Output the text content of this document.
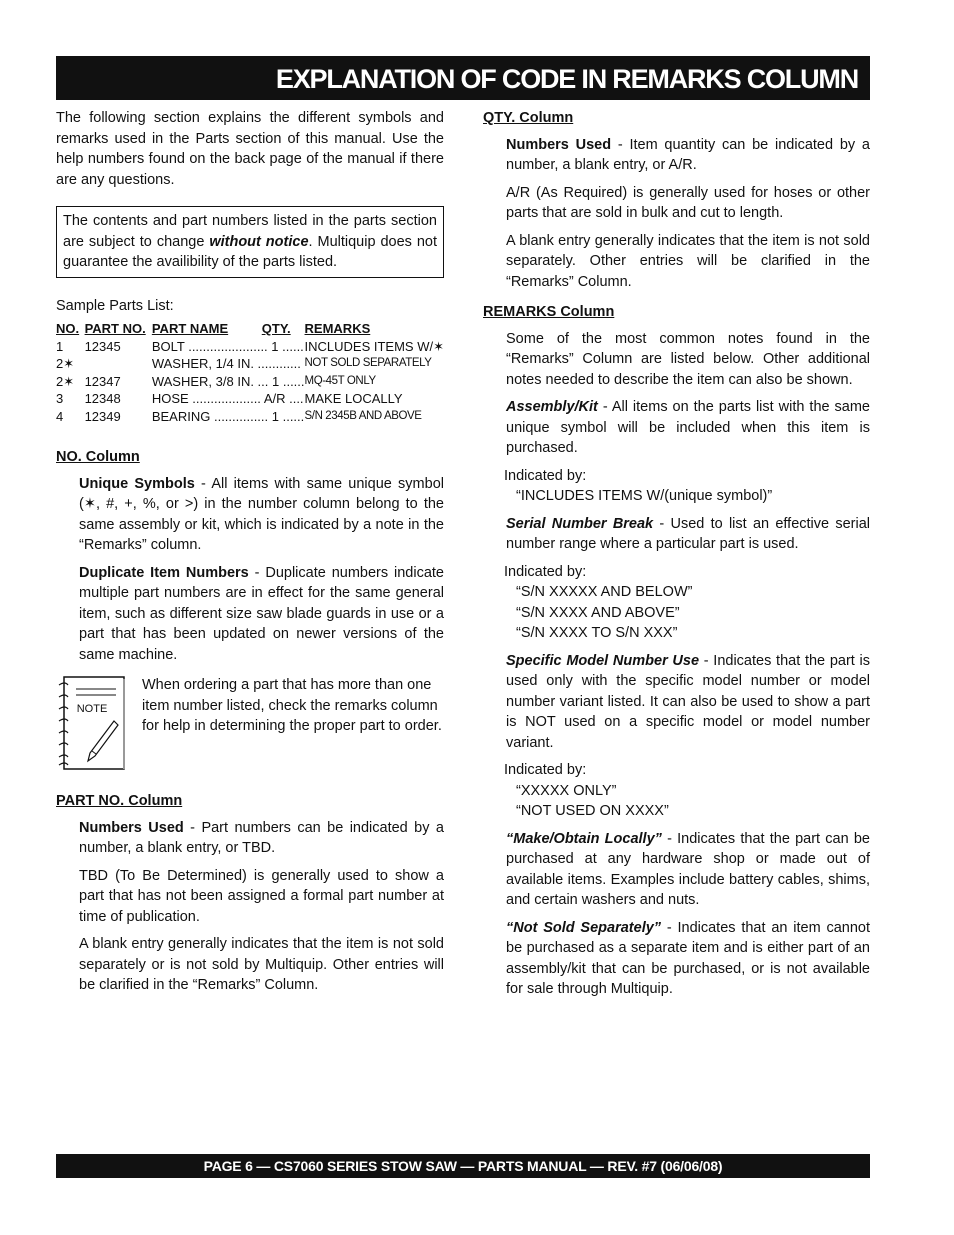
EXPLANATION OF CODE IN REMARKS COLUMN

The following section explains the different symbols and remarks used in the Parts section of this manual. Use the help numbers found on the back page of the manual if there are any questions.

The contents and part numbers listed in the parts section are subject to change without notice. Multiquip does not guarantee the availibility of the parts listed.
Sample Parts List:
NO.	PART NO.	PART NAME	QTY.	REMARKS
1	12345	BOLT ...................... 1 ......		INCLUDES ITEMS W/✶
2✶		WASHER, 1/4 IN. ............		NOT SOLD SEPARATELY
2✶	12347	WASHER, 3/8 IN. ... 1 ......		MQ-45T ONLY
3	12348	HOSE ................... A/R ....		MAKE LOCALLY
4	12349	BEARING ............... 1 ......		S/N 2345B AND ABOVE
NO. Column

Unique Symbols - All items with same unique symbol (✶, #, +, %, or >) in the number column belong to the same assembly or kit, which is indicated by a note in the “Remarks” column.

Duplicate Item Numbers - Duplicate numbers indicate multiple part numbers are in effect for the same general item, such as different size saw blade guards in use or a part that has been updated on newer versions of the same machine.

NOTE
When ordering a part that has more than one item number listed, check the remarks column for help in determining the proper part to order.
PART NO. Column

Numbers Used - Part numbers can be indicated by a number, a blank entry, or TBD.

TBD (To Be Determined) is generally used to show a part that has not been assigned a formal part number at time of publication.

A blank entry generally indicates that the item is not sold separately or is not sold by Multiquip. Other entries will be clarified in the “Remarks” Column.

QTY. Column

Numbers Used - Item quantity can be indicated by a number, a blank entry, or A/R.

A/R (As Required) is generally used for hoses or other parts that are sold in bulk and cut to length.

A blank entry generally indicates that the item is not sold separately. Other entries will be clarified in the “Remarks” Column.

REMARKS Column

Some of the most common notes found in the “Remarks” Column are listed below. Other additional notes needed to describe the item can also be shown.

Assembly/Kit - All items on the parts list with the same unique symbol will be included when this item is purchased.

Indicated by:
“INCLUDES ITEMS W/(unique symbol)”

Serial Number Break - Used to list an effective serial number range where a particular part is used.

Indicated by:
“S/N XXXXX AND BELOW”
“S/N XXXX AND ABOVE”
“S/N XXXX TO S/N XXX”

Specific Model Number Use - Indicates that the part is used only with the specific model number or model number variant listed. It can also be used to show a part is NOT used on a specific model or model number variant.

Indicated by:
“XXXXX ONLY”
“NOT USED ON XXXX”

“Make/Obtain Locally” - Indicates that the part can be purchased at any hardware shop or made out of available items. Examples include battery cables, shims, and certain washers and nuts.

“Not Sold Separately” - Indicates that an item cannot be purchased as a separate item and is either part of an assembly/kit that can be purchased, or is not available for sale through Multiquip.

PAGE 6 — CS7060 SERIES STOW SAW — PARTS MANUAL — REV. #7 (06/06/08)
